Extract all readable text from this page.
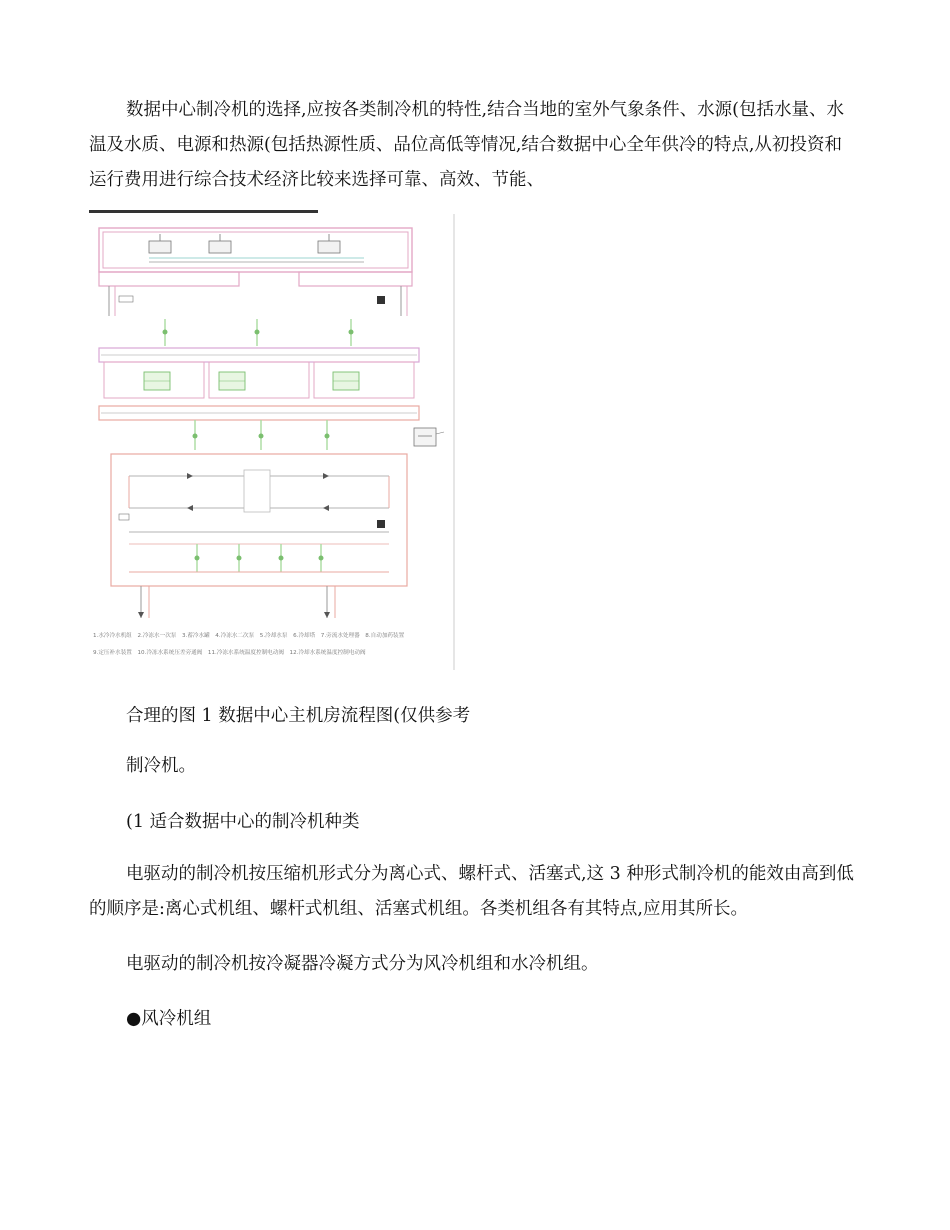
数据中心制冷机的选择,应按各类制冷机的特性,结合当地的室外气象条件、水源(包括水量、水温及水质、电源和热源(包括热源性质、品位高低等情况,结合数据中心全年供冷的特点,从初投资和运行费用进行综合技术经济比较来选择可靠、高效、节能、

1.水冷冷水机组　2.冷冻水一次泵　3.蓄冷水罐　4.冷冻水二次泵　5.冷却水泵　6.冷却塔　7.旁流水处理器　8.自动加药装置
9.定压补水装置　10.冷冻水系统压差旁通阀　11.冷冻水系统温度控制电动阀　12.冷却水系统温度控制电动阀

合理的图 1 数据中心主机房流程图(仅供参考

制冷机。

(1 适合数据中心的制冷机种类

电驱动的制冷机按压缩机形式分为离心式、螺杆式、活塞式,这 3 种形式制冷机的能效由高到低的顺序是:离心式机组、螺杆式机组、活塞式机组。各类机组各有其特点,应用其所长。

电驱动的制冷机按冷凝器冷凝方式分为风冷机组和水冷机组。

●风冷机组
